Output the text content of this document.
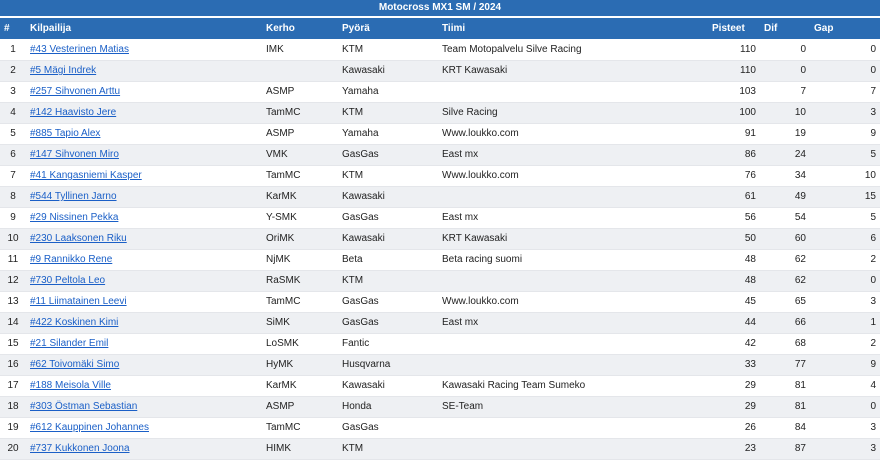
Motocross MX1 SM / 2024
#	Kilpailija	Kerho	Pyörä	Tiimi	Pisteet	Dif	Gap
1	#43 Vesterinen Matias	IMK	KTM	Team Motopalvelu Silve Racing	110	0	0
2	#5 Mägi Indrek		Kawasaki	KRT Kawasaki	110	0	0
3	#257 Sihvonen Arttu	ASMP	Yamaha		103	7	7
4	#142 Haavisto Jere	TamMC	KTM	Silve Racing	100	10	3
5	#885 Tapio Alex	ASMP	Yamaha	Www.loukko.com	91	19	9
6	#147 Sihvonen Miro	VMK	GasGas	East mx	86	24	5
7	#41 Kangasniemi Kasper	TamMC	KTM	Www.loukko.com	76	34	10
8	#544 Tyllinen Jarno	KarMK	Kawasaki		61	49	15
9	#29 Nissinen Pekka	Y-SMK	GasGas	East mx	56	54	5
10	#230 Laaksonen Riku	OriMK	Kawasaki	KRT Kawasaki	50	60	6
11	#9 Rannikko Rene	NjMK	Beta	Beta racing suomi	48	62	2
12	#730 Peltola Leo	RaSMK	KTM		48	62	0
13	#11 Liimatainen Leevi	TamMC	GasGas	Www.loukko.com	45	65	3
14	#422 Koskinen Kimi	SiMK	GasGas	East mx	44	66	1
15	#21 Silander Emil	LoSMK	Fantic		42	68	2
16	#62 Toivomäki Simo	HyMK	Husqvarna		33	77	9
17	#188 Meisola Ville	KarMK	Kawasaki	Kawasaki Racing Team Sumeko	29	81	4
18	#303 Östman Sebastian	ASMP	Honda	SE-Team	29	81	0
19	#612 Kauppinen Johannes	TamMC	GasGas		26	84	3
20	#737 Kukkonen Joona	HIMK	KTM		23	87	3
